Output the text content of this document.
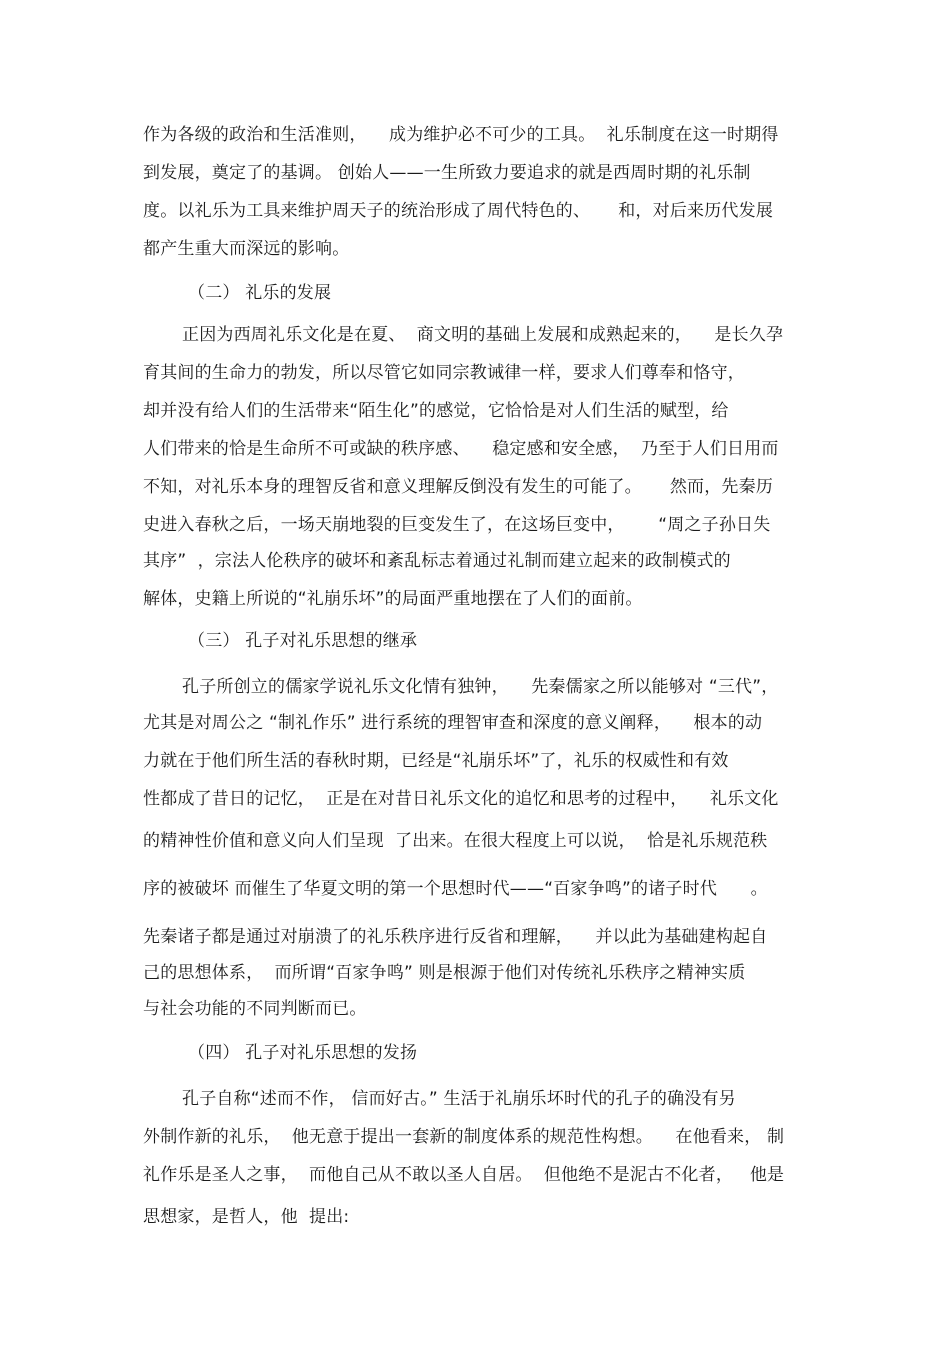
作为各级的政治和生活准则，    成为维护必不可少的工具。  礼乐制度在这一时期得
到发展，奠定了的基调。 创始人——一生所致力要追求的就是西周时期的礼乐制
度。以礼乐为工具来维护周天子的统治形成了周代特色的、     和，对后来历代发展
都产生重大而深远的影响。
（二） 礼乐的发展
正因为西周礼乐文化是在夏、  商文明的基础上发展和成熟起来的，    是长久孕
育其间的生命力的勃发，所以尽管它如同宗教诫律一样，要求人们尊奉和恪守，
却并没有给人们的生活带来“陌生化”的感觉，它恰恰是对人们生活的赋型，给
人们带来的恰是生命所不可或缺的秩序感、    稳定感和安全感，  乃至于人们日用而
不知，对礼乐本身的理智反省和意义理解反倒没有发生的可能了。     然而，先秦历
史进入春秋之后，一场天崩地裂的巨变发生了，在这场巨变中，      “周之子孙日失
其序”  ，宗法人伦秩序的破坏和紊乱标志着通过礼制而建立起来的政制模式的
解体，史籍上所说的“礼崩乐坏”的局面严重地摆在了人们的面前。
（三） 孔子对礼乐思想的继承
孔子所创立的儒家学说礼乐文化情有独钟，    先秦儒家之所以能够对 “三代”，
尤其是对周公之 “制礼作乐” 进行系统的理智审查和深度的意义阐释，    根本的动
力就在于他们所生活的春秋时期，已经是“礼崩乐坏”了，礼乐的权威性和有效
性都成了昔日的记忆，  正是在对昔日礼乐文化的追忆和思考的过程中，    礼乐文化
的精神性价值和意义向人们呈现  了出来。在很大程度上可以说，  恰是礼乐规范秩
序的被破坏 而催生了华夏文明的第一个思想时代——“百家争鸣”的诸子时代      。
先秦诸子都是通过对崩溃了的礼乐秩序进行反省和理解，    并以此为基础建构起自
己的思想体系，  而所谓“百家争鸣” 则是根源于他们对传统礼乐秩序之精神实质
与社会功能的不同判断而已。
（四） 孔子对礼乐思想的发扬
孔子自称“述而不作， 信而好古。” 生活于礼崩乐坏时代的孔子的确没有另
外制作新的礼乐，  他无意于提出一套新的制度体系的规范性构想。    在他看来， 制
礼作乐是圣人之事，  而他自己从不敢以圣人自居。  但他绝不是泥古不化者，   他是
思想家，是哲人，他  提出:
